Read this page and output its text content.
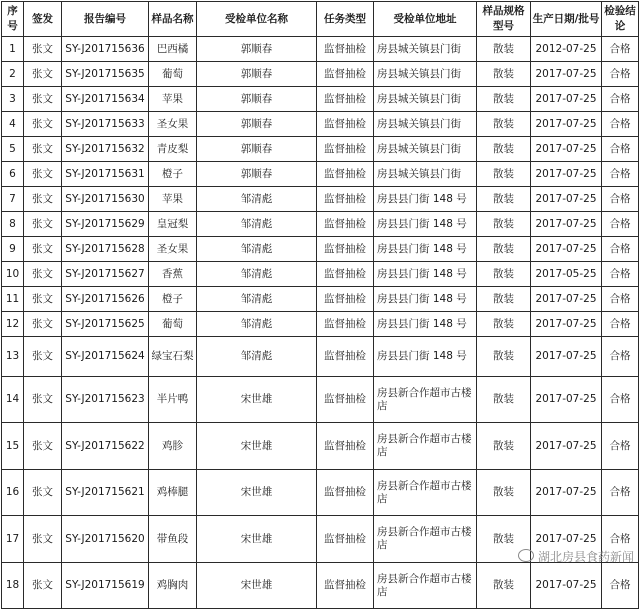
序号	签发	报告编号	样品名称	受检单位名称	任务类型	受检单位地址	样品规格型号	生产日期/批号	检验结论
1	张文	SY-J201715636	巴西橘	郭顺春	监督抽检	房县城关镇县门街	散装	2012-07-25	合格
2	张文	SY-J201715635	葡萄	郭顺春	监督抽检	房县城关镇县门街	散装	2017-07-25	合格
3	张文	SY-J201715634	苹果	郭顺春	监督抽检	房县城关镇县门街	散装	2017-07-25	合格
4	张文	SY-J201715633	圣女果	郭顺春	监督抽检	房县城关镇县门街	散装	2017-07-25	合格
5	张文	SY-J201715632	青皮梨	郭顺春	监督抽检	房县城关镇县门街	散装	2017-07-25	合格
6	张文	SY-J201715631	橙子	郭顺春	监督抽检	房县城关镇县门街	散装	2017-07-25	合格
7	张文	SY-J201715630	苹果	邹清彪	监督抽检	房县县门街 148 号	散装	2017-07-25	合格
8	张文	SY-J201715629	皇冠梨	邹清彪	监督抽检	房县县门街 148 号	散装	2017-07-25	合格
9	张文	SY-J201715628	圣女果	邹清彪	监督抽检	房县县门街 148 号	散装	2017-07-25	合格
10	张文	SY-J201715627	香蕉	邹清彪	监督抽检	房县县门街 148 号	散装	2017-05-25	合格
11	张文	SY-J201715626	橙子	邹清彪	监督抽检	房县县门街 148 号	散装	2017-07-25	合格
12	张文	SY-J201715625	葡萄	邹清彪	监督抽检	房县县门街 148 号	散装	2017-07-25	合格
13	张文	SY-J201715624	绿宝石梨	邹清彪	监督抽检	房县县门街 148 号	散装	2017-07-25	合格
14	张文	SY-J201715623	半片鸭	宋世雄	监督抽检	房县新合作超市古楼店	散装	2017-07-25	合格
15	张文	SY-J201715622	鸡胗	宋世雄	监督抽检	房县新合作超市古楼店	散装	2017-07-25	合格
16	张文	SY-J201715621	鸡棒腿	宋世雄	监督抽检	房县新合作超市古楼店	散装	2017-07-25	合格
17	张文	SY-J201715620	带鱼段	宋世雄	监督抽检	房县新合作超市古楼店	散装	2017-07-25	合格
18	张文	SY-J201715619	鸡胸肉	宋世雄	监督抽检	房县新合作超市古楼店	散装	2017-07-25	合格
湖北房县食药新闻
